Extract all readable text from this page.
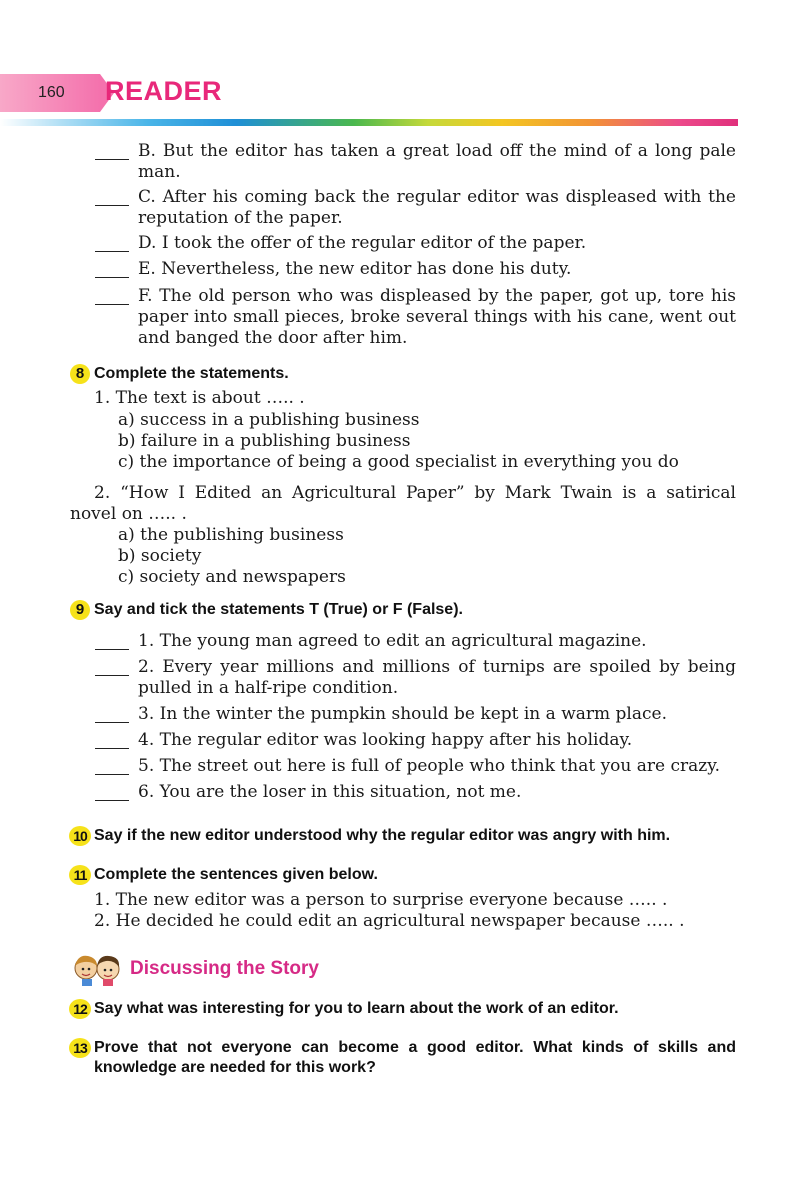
160 READER
B. But the editor has taken a great load off the mind of a long pale
man.
C. After his coming back the regular editor was displeased with the
reputation of the paper.
D. I took the offer of the regular editor of the paper.
E. Nevertheless, the new editor has done his duty.
F. The old person who was displeased by the paper, got up, tore his
paper into small pieces, broke several things with his cane, went out
and banged the door after him.
8 Complete the statements.
1. The text is about ….. .
a) success in a publishing business
b) failure in a publishing business
c) the importance of being a good specialist in everything you do
2. “How I Edited an Agricultural Paper” by Mark Twain is a satirical
novel on ….. .
a) the publishing business
b) society
c) society and newspapers
9 Say and tick the statements T (True) or F (False).
1. The young man agreed to edit an agricultural magazine.
2. Every year millions and millions of turnips are spoiled by being
pulled in a half-ripe condition.
3. In the winter the pumpkin should be kept in a warm place.
4. The regular editor was looking happy after his holiday.
5. The street out here is full of people who think that you are crazy.
6. You are the loser in this situation, not me.
10 Say if the new editor understood why the regular editor was angry with him.
11 Complete the sentences given below.
1. The new editor was a person to surprise everyone because ….. .
2. He decided he could edit an agricultural newspaper because ….. .
Discussing the Story
12 Say what was interesting for you to learn about the work of an editor.
13 Prove that not everyone can become a good editor. What kinds of skills and
knowledge are needed for this work?
